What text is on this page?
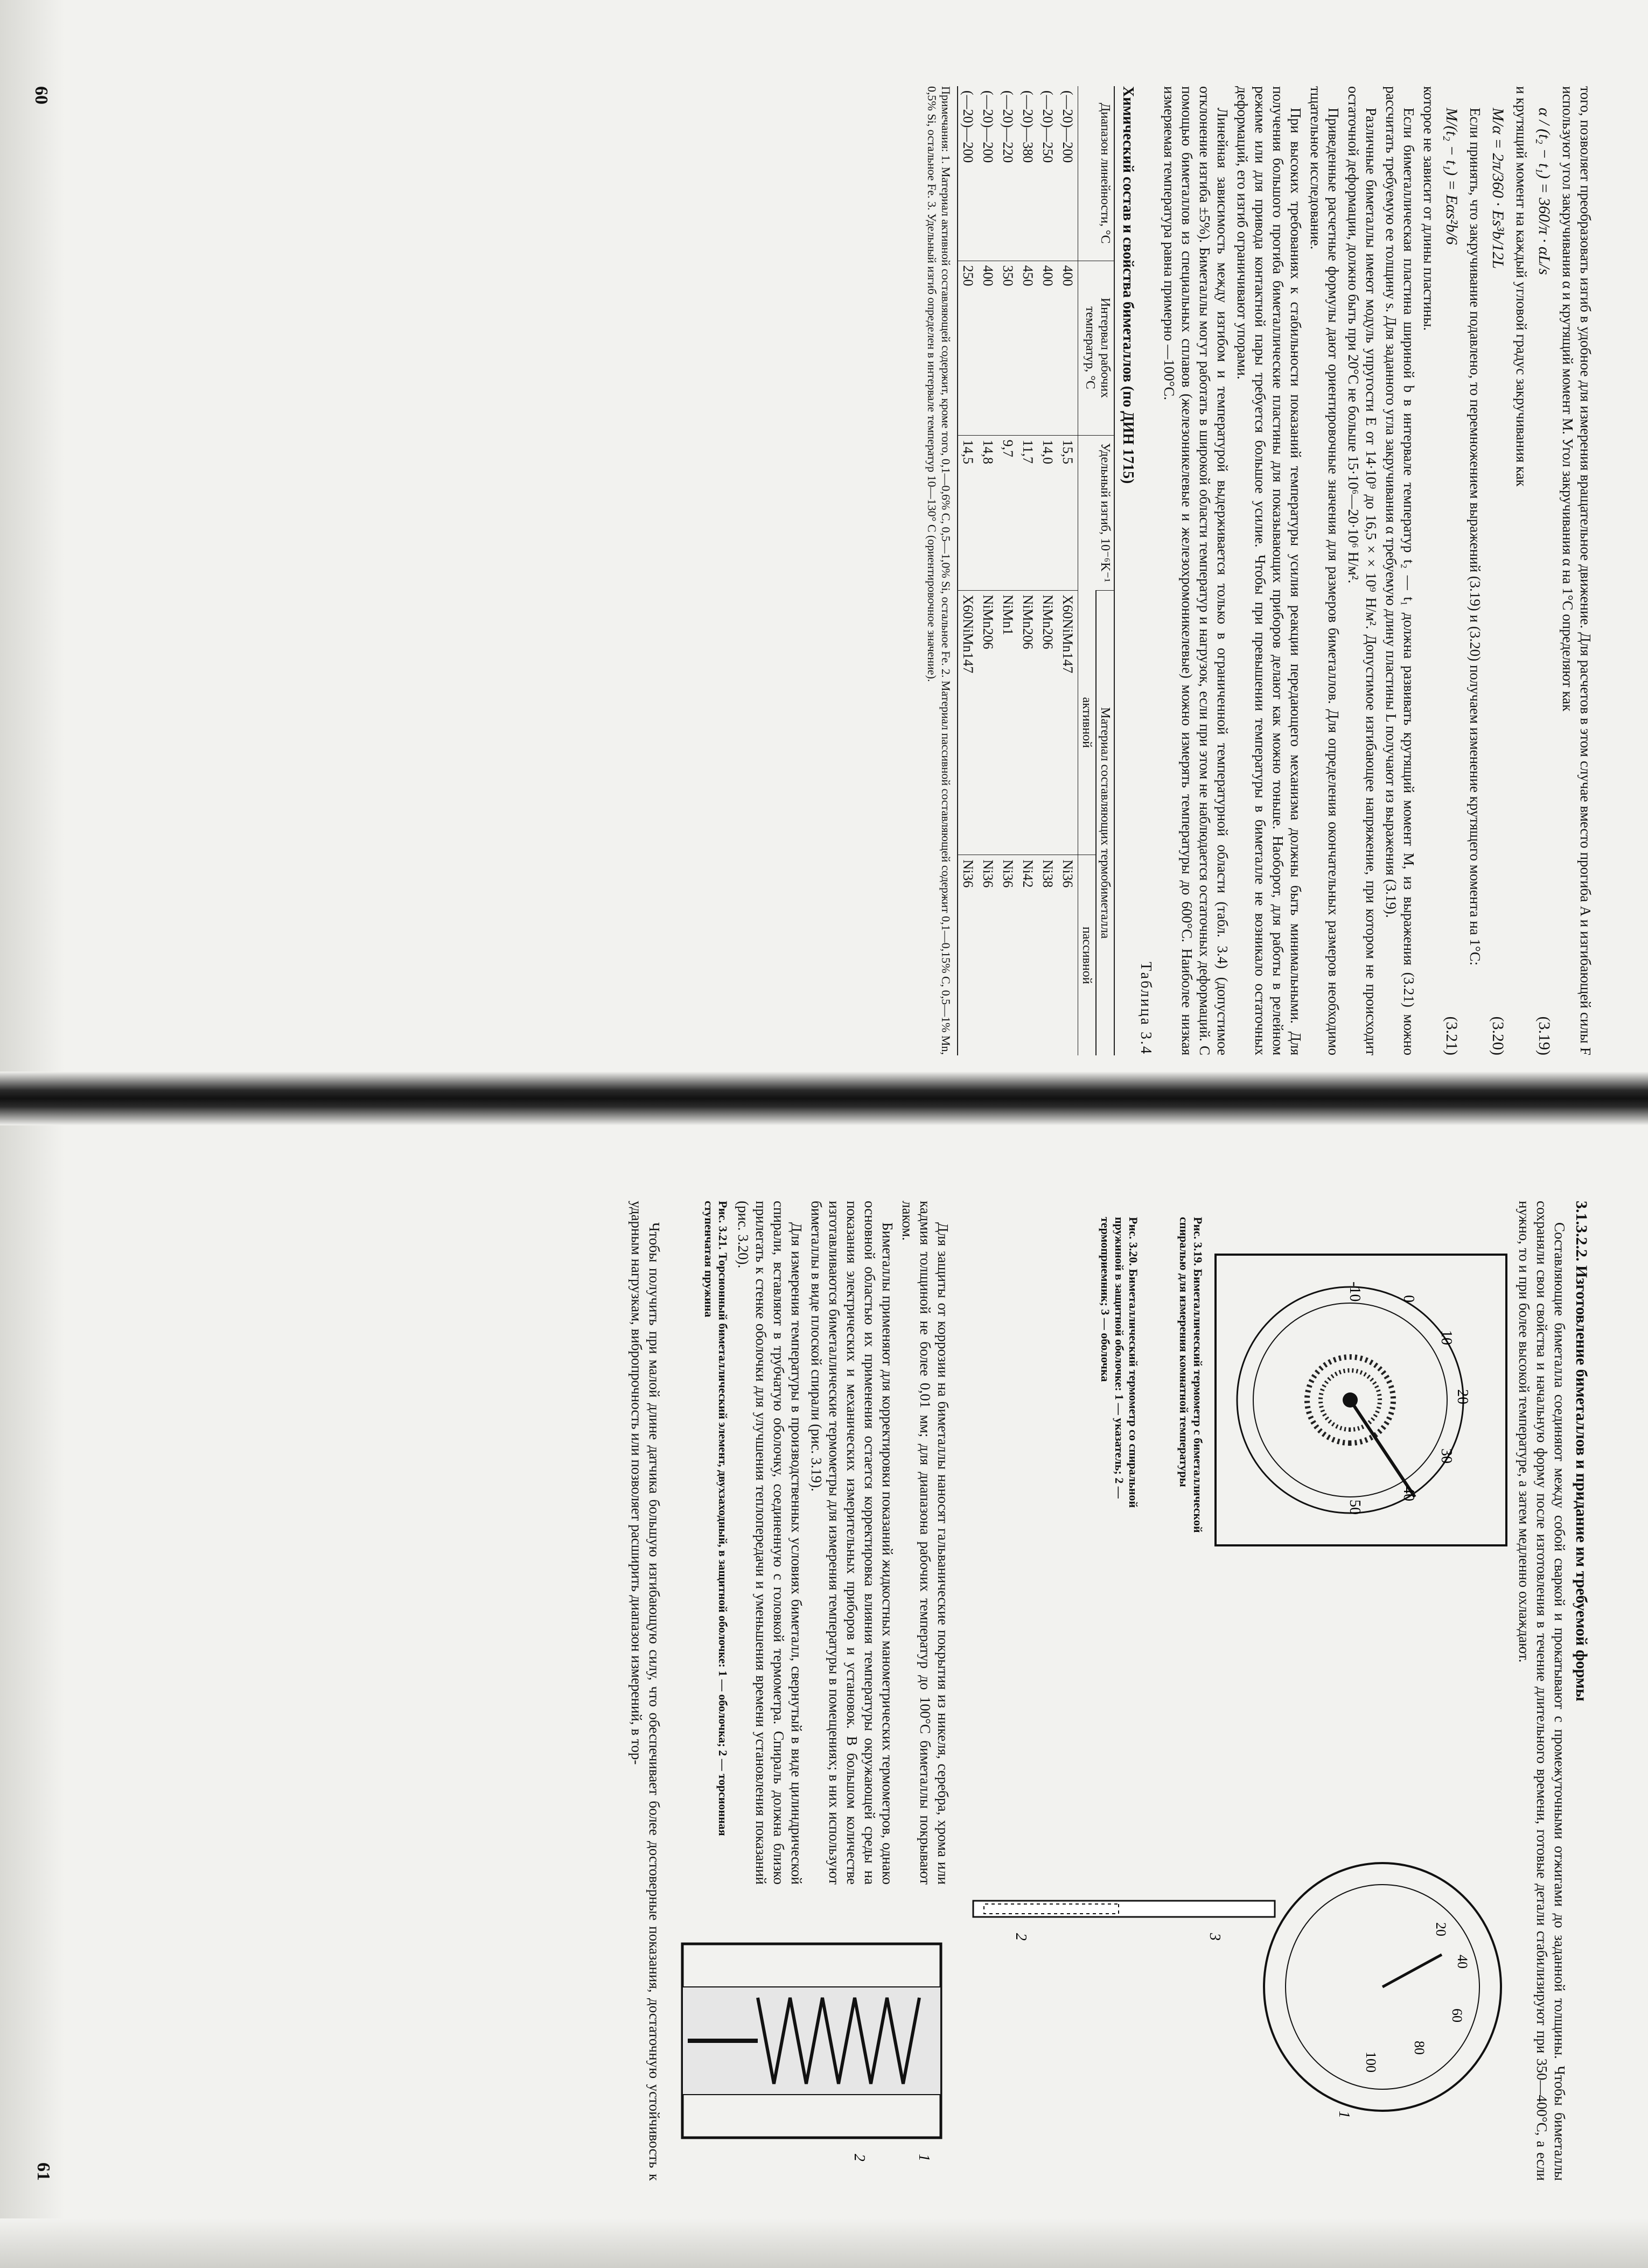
того, позволяет преобразовать изгиб в удобное для измерения вращательное движение. Для расчетов в этом случае вместо прогиба A и изгибающей силы F используют угол закручивания α и крутящий момент M. Угол закручивания α на 1°C определяют как

α / (t₂ − t₁) = 360/π · αL/s
(3.19)

и крутящий момент на каждый угловой градус закручивания как

M/α = 2π/360 · Es³b/12L
(3.20)

Если принять, что закручивание подавлено, то перемножением выражений (3.19) и (3.20) получаем изменение крутящего момента на 1°C:

M/(t₂ − t₁) = Eαs²b/6
(3.21)

которое не зависит от длины пластины.

Если биметаллическая пластина шириной b в интервале температур t₂ — t₁ должна развивать крутящий момент M, из выражения (3.21) можно рассчитать требуемую ее толщину s. Для заданного угла закручивания α требуемую длину пластины L получают из выражения (3.19).

Различные биметаллы имеют модуль упругости E от 14·10⁹ до 16,5 × × 10⁹ Н/м². Допустимое изгибающее напряжение, при котором не происходит остаточной деформации, должно быть при 20°C не больше 15·10⁶—20·10⁶ Н/м².

Приведенные расчетные формулы дают ориентировочные значения для размеров биметаллов. Для определения окончательных размеров необходимо тщательное исследование.

При высоких требованиях к стабильности показаний температуры усилия реакции передающего механизма должны быть минимальными. Для получения большого прогиба биметаллические пластины для показывающих приборов делают как можно тоньше. Наоборот, для работы в релейном режиме или для привода контактной пары требуется большое усилие. Чтобы при превышении температуры в биметалле не возникало остаточных деформаций, его изгиб ограничивают упорами.

Линейная зависимость между изгибом и температурой выдерживается только в ограниченной температурной области (табл. 3.4) (допустимое отклонение изгиба ±5%). Биметаллы могут работать в широкой области температур и нагрузок, если при этом не наблюдается остаточных деформаций. С помощью биметаллов из специальных сплавов (железоникелевые и железохромоникелевые) можно измерять температуры до 600°C. Наиболее низкая измеряемая температура равна примерно —100°C.

Таблица 3.4
Химический состав и свойства биметаллов (по ДИН 1715)
Диапазон линейности, °C	Интервал рабочих температур, °C	Удельный изгиб, 10⁻⁶K⁻¹	Материал составляющих термобиметалла	
			активной	пассивной
(—20)—200	400	15,5	X60NiMn147	Ni36
(—20)—250	400	14,0	NiMn206	Ni38
(—20)—380	450	11,7	NiMn206	Ni42
(—20)—220	350	9,7	NiMn1	Ni36
(—20)—200	400	14,8	NiMn206	Ni36
(—20)—200	250	14,5	X60NiMn147	Ni36
Примечания: 1. Материал активной составляющей содержит, кроме того, 0,1—0,6% C, 0,5—1,0% Si, остальное Fe. 2. Материал пассивной составляющей содержит 0,1—0,15% C, 0,5—1% Mn, 0,5% Si, остальное Fe. 3. Удельный изгиб определен в интервале температур 10—130° C (ориентировочное значение).
60
3.1.3.2.2. Изготовление биметаллов и придание им требуемой формы

Составляющие биметалла соединяют между собой сваркой и прокатывают с промежуточными отжигами до заданной толщины. Чтобы биметаллы сохраняли свои свойства и начальную форму после изготовления в течение длительного времени, готовые детали стабилизируют при 350—400°C, а если нужно, то и при более высокой температуре, а затем медленно охлаждают.

-10 0
10
20
30
40
50
Рис. 3.19. Биметаллический термометр с биметаллической спиралью для измерения комнатной температуры
Рис. 3.20. Биметаллический термометр со спиральной пружиной в защитной оболочке: 1 — указатель; 2 — термоприемник; 3 — оболочка
20
40
60
80
100
3
2
1

Для защиты от коррозии на биметаллы наносят гальванические покрытия из никеля, серебра, хрома или кадмия толщиной не более 0,01 мм; для диапазона рабочих температур до 100°C биметаллы покрывают лаком.

Биметаллы применяют для корректировки показаний жидкостных манометрических термометров, однако основной областью их применения остается корректировка влияния температуры окружающей среды на показания электрических и механических измерительных приборов и установок. В большом количестве изготавливаются биметаллические термометры для измерения температуры в помещениях; в них используют биметаллы в виде плоской спирали (рис. 3.19).

Для измерения температуры в производственных условиях биметалл, свернутый в виде цилиндрической спирали, вставляют в трубчатую оболочку, соединенную с головкой термометра. Спираль должна близко прилегать к стенке оболочки для улучшения теплопередачи и уменьшения времени установления показаний (рис. 3.20).

Рис. 3.21. Торсионный биметаллический элемент, двухзаходный, в защитной оболочке: 1 — оболочка; 2 — торсионная ступенчатая пружина
1
2

Чтобы получить при малой длине датчика большую изгибающую силу, что обеспечивает более достоверные показания, достаточную устойчивость к ударным нагрузкам, вибропрочность или позволяет расширить диапазон измерений, в тор-

61
